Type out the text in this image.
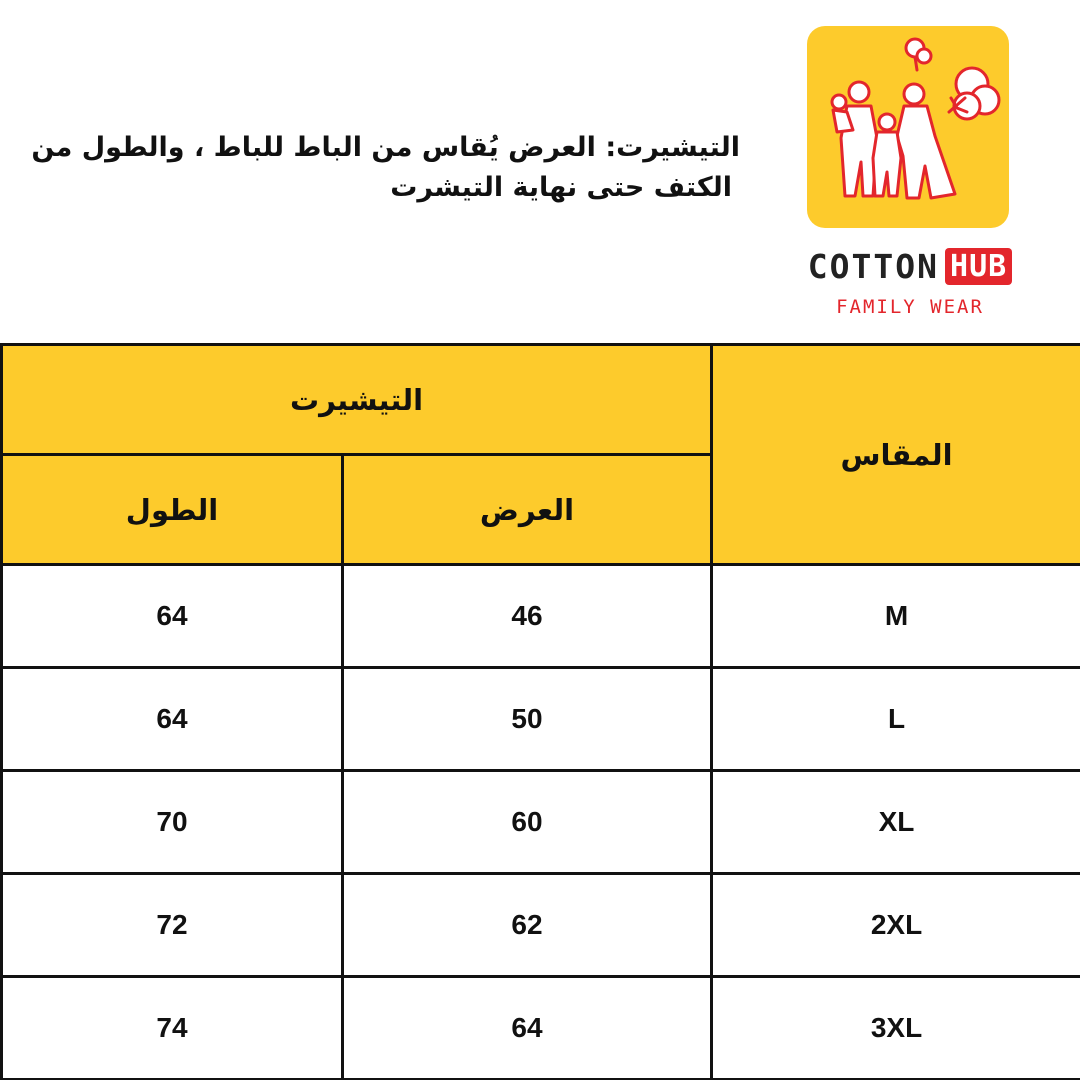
التيشيرت: العرض يُقاس من الباط للباط ، والطول من
الكتف حتى نهاية التيشرت
COTTON HUB
FAMILY WEAR
التيشيرت		المقاس
الطول	العرض	
64	46	M
64	50	L
70	60	XL
72	62	2XL
74	64	3XL
